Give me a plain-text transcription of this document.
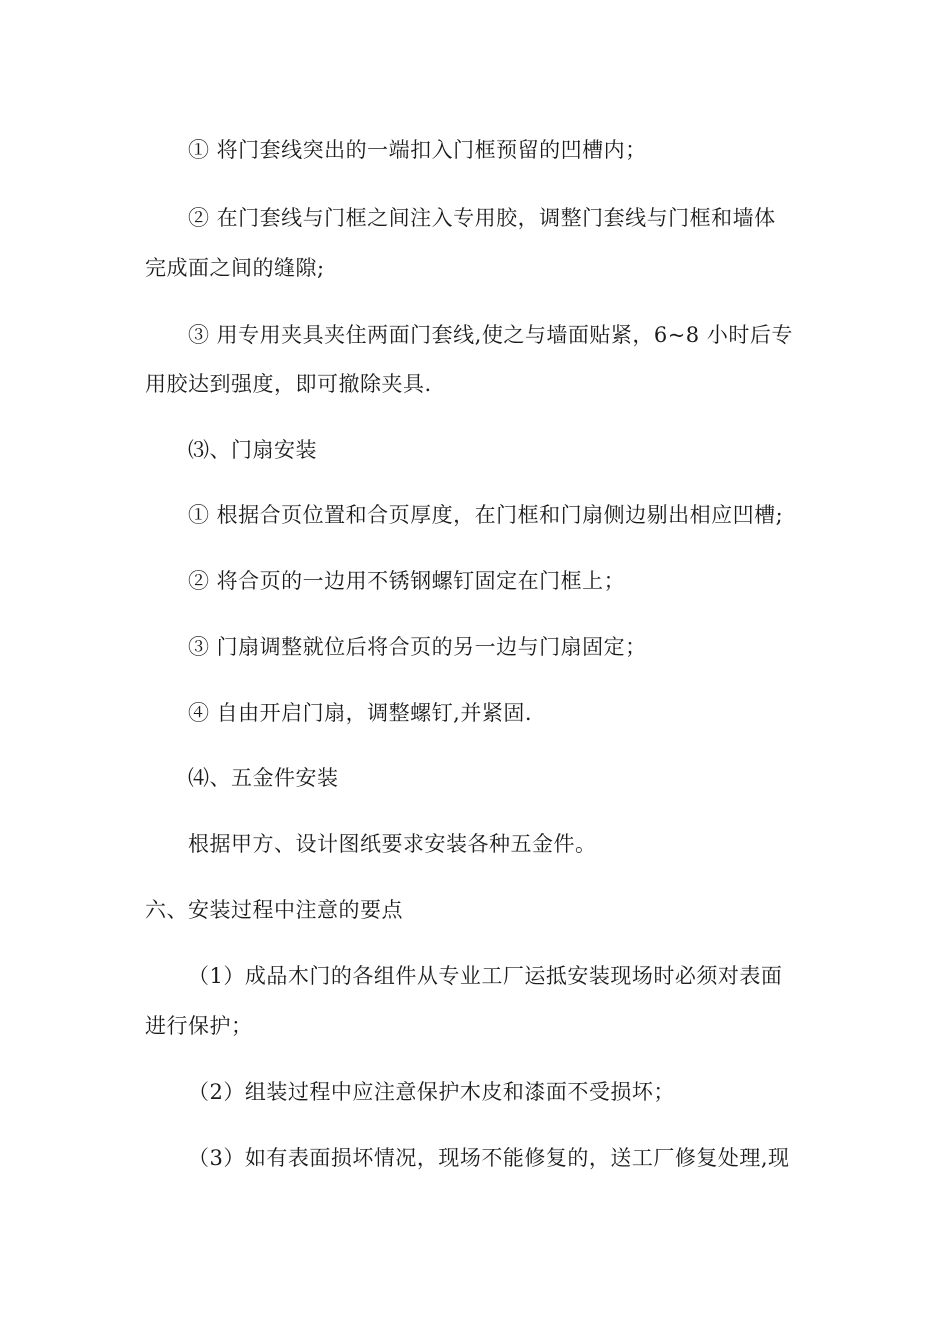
① 将门套线突出的一端扣入门框预留的凹槽内；
② 在门套线与门框之间注入专用胶，调整门套线与门框和墙体
完成面之间的缝隙;
③ 用专用夹具夹住两面门套线,使之与墙面贴紧，6~8 小时后专
用胶达到强度，即可撤除夹具.
⑶、门扇安装
① 根据合页位置和合页厚度，在门框和门扇侧边剔出相应凹槽;
② 将合页的一边用不锈钢螺钉固定在门框上；
③ 门扇调整就位后将合页的另一边与门扇固定；
④ 自由开启门扇，调整螺钉,并紧固.
⑷、五金件安装
根据甲方、设计图纸要求安装各种五金件。
六、安装过程中注意的要点
（1）成品木门的各组件从专业工厂运抵安装现场时必须对表面
进行保护；
（2）组装过程中应注意保护木皮和漆面不受损坏；
（3）如有表面损坏情况，现场不能修复的，送工厂修复处理,现
